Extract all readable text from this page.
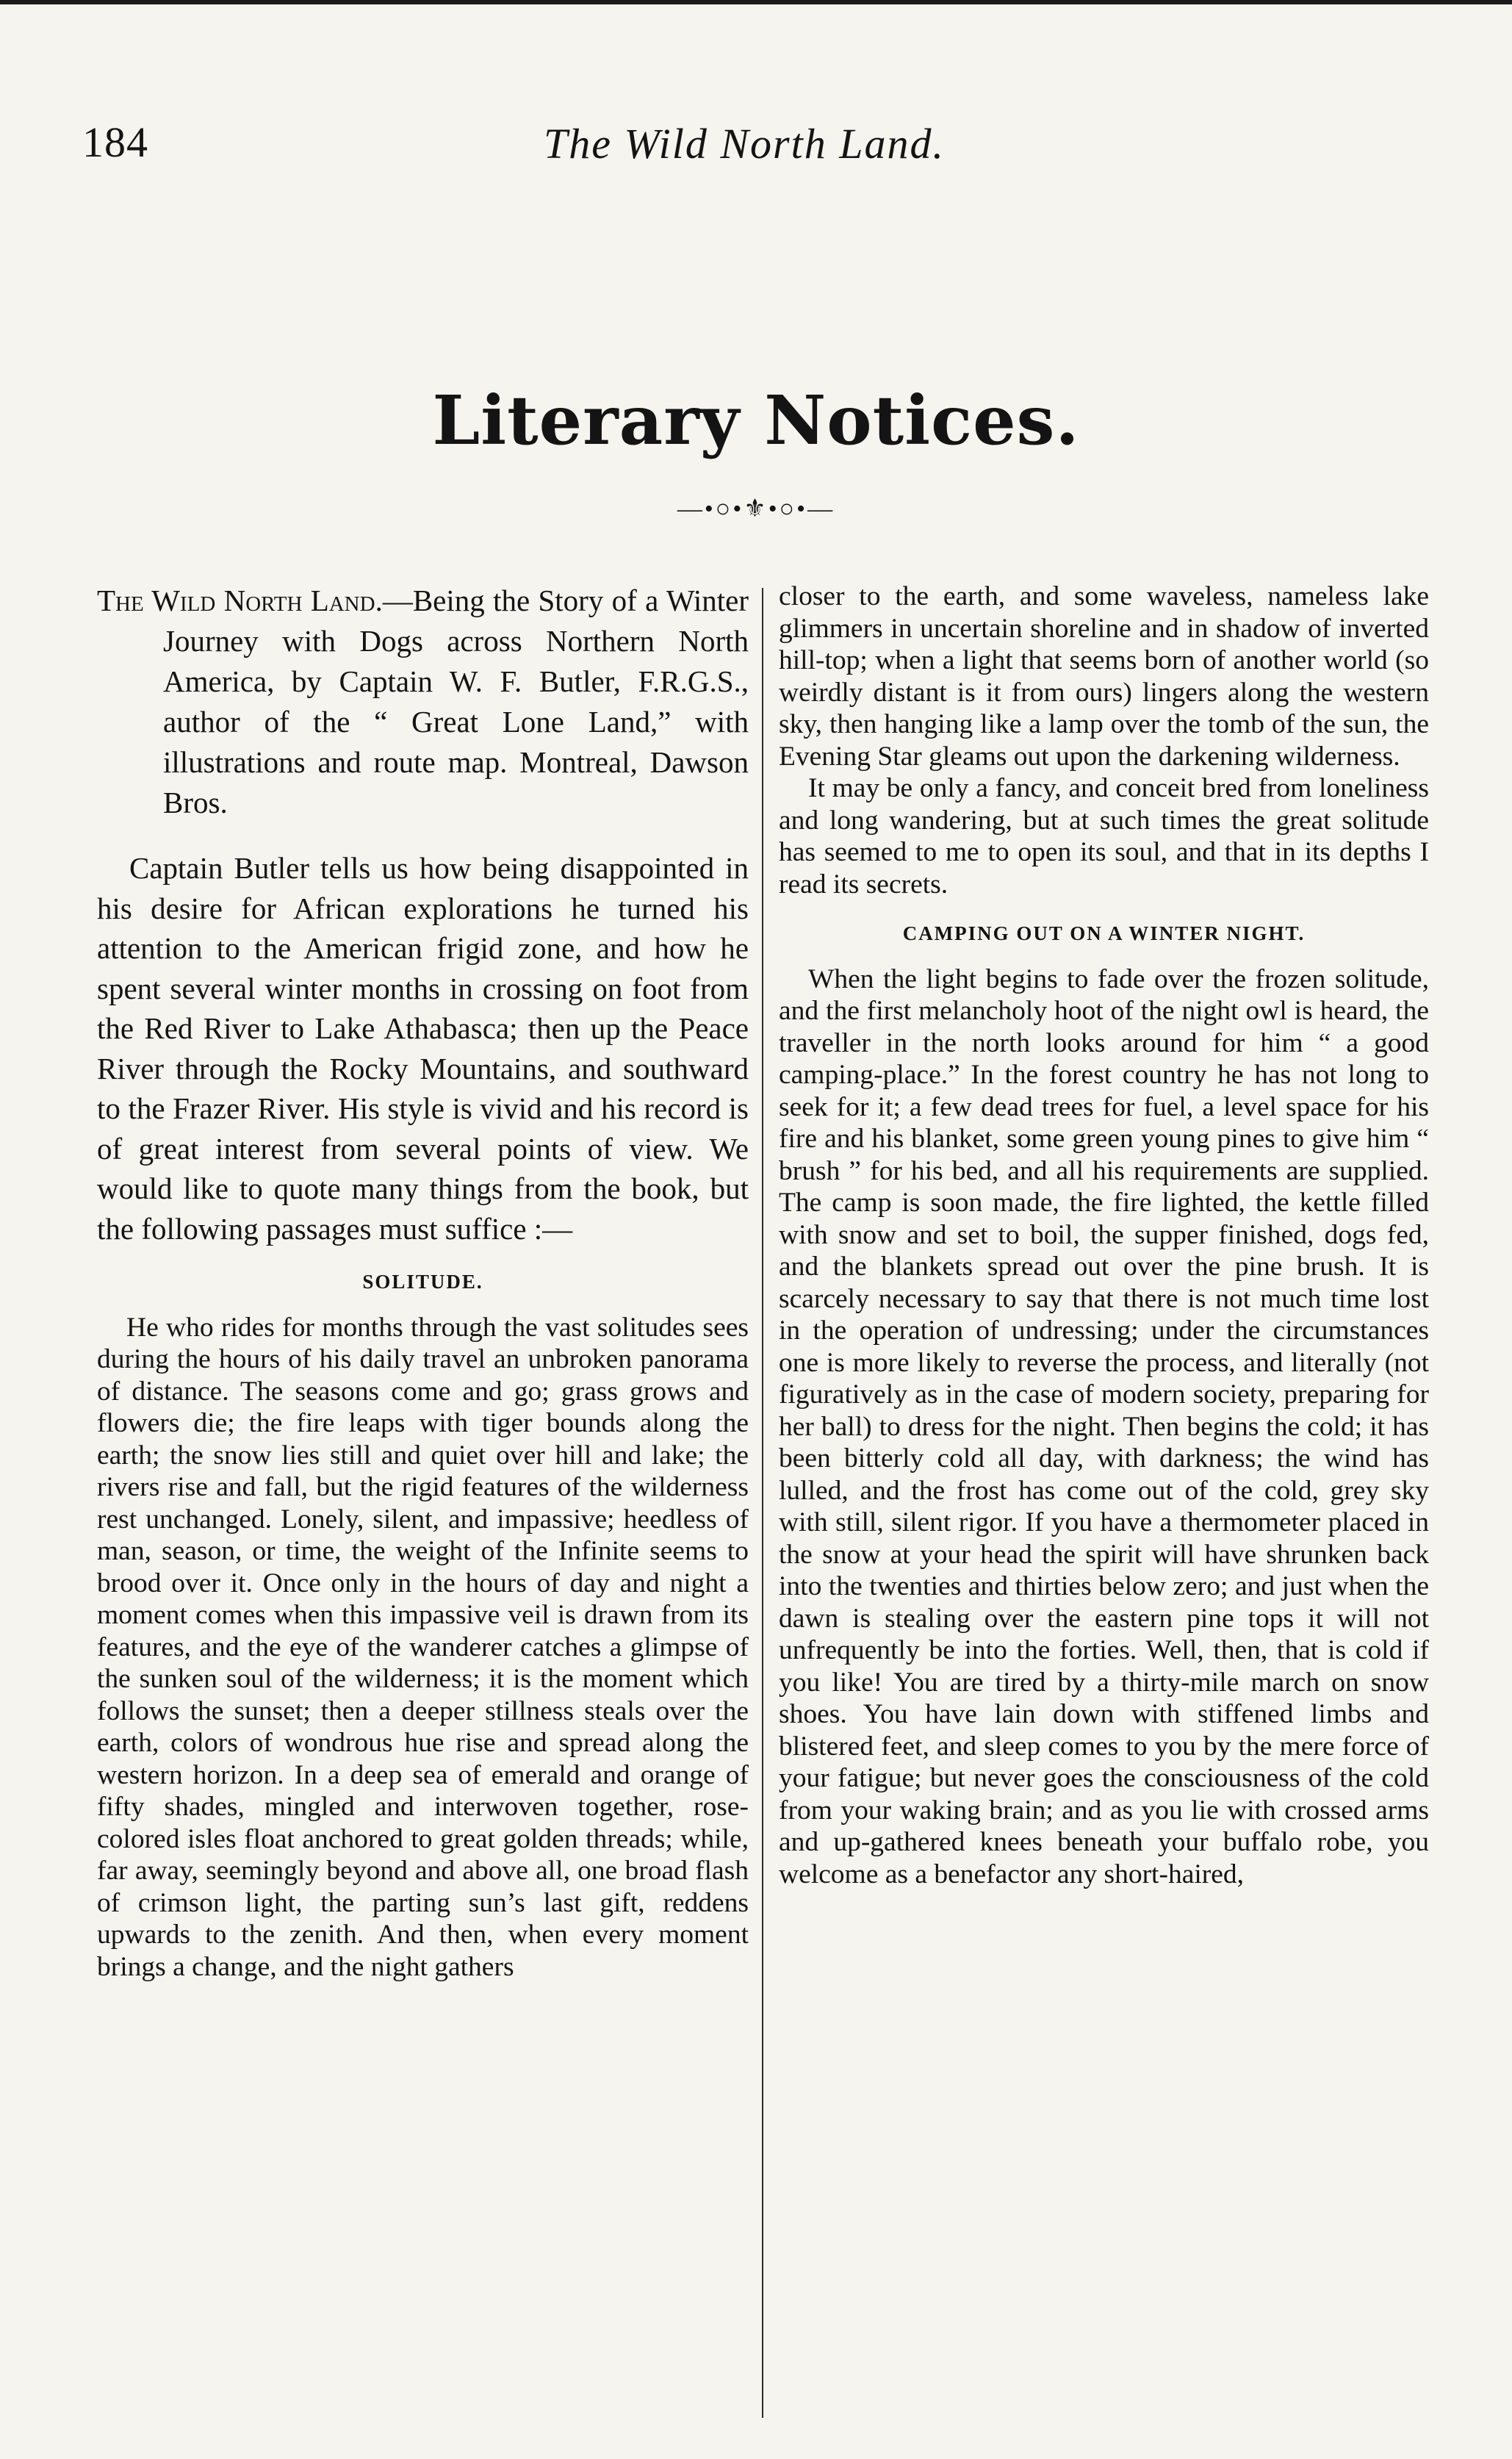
184	The Wild North Land.
Literary Notices.
—•○•⚜•○•—
The Wild North Land.—Being the Story of a Winter Journey with Dogs across Northern North America, by Captain W. F. Butler, F.R.G.S., author of the “ Great Lone Land,” with illustrations and route map. Montreal, Dawson Bros.

Captain Butler tells us how being disappointed in his desire for African explorations he turned his attention to the American frigid zone, and how he spent several winter months in crossing on foot from the Red River to Lake Athabasca; then up the Peace River through the Rocky Mountains, and southward to the Frazer River. His style is vivid and his record is of great interest from several points of view. We would like to quote many things from the book, but the following passages must suffice :—

SOLITUDE.

He who rides for months through the vast solitudes sees during the hours of his daily travel an unbroken panorama of distance. The seasons come and go; grass grows and flowers die; the fire leaps with tiger bounds along the earth; the snow lies still and quiet over hill and lake; the rivers rise and fall, but the rigid features of the wilderness rest unchanged. Lonely, silent, and impassive; heedless of man, season, or time, the weight of the Infinite seems to brood over it. Once only in the hours of day and night a moment comes when this impassive veil is drawn from its features, and the eye of the wanderer catches a glimpse of the sunken soul of the wilderness; it is the moment which follows the sunset; then a deeper stillness steals over the earth, colors of wondrous hue rise and spread along the western horizon. In a deep sea of emerald and orange of fifty shades, mingled and interwoven together, rose-colored isles float anchored to great golden threads; while, far away, seemingly beyond and above all, one broad flash of crimson light, the parting sun’s last gift, reddens upwards to the zenith. And then, when every moment brings a change, and the night gathers

closer to the earth, and some waveless, nameless lake glimmers in uncertain shoreline and in shadow of inverted hill-top; when a light that seems born of another world (so weirdly distant is it from ours) lingers along the western sky, then hanging like a lamp over the tomb of the sun, the Evening Star gleams out upon the darkening wilderness.

It may be only a fancy, and conceit bred from loneliness and long wandering, but at such times the great solitude has seemed to me to open its soul, and that in its depths I read its secrets.

CAMPING OUT ON A WINTER NIGHT.

When the light begins to fade over the frozen solitude, and the first melancholy hoot of the night owl is heard, the traveller in the north looks around for him “ a good camping-place.” In the forest country he has not long to seek for it; a few dead trees for fuel, a level space for his fire and his blanket, some green young pines to give him “ brush ” for his bed, and all his requirements are supplied. The camp is soon made, the fire lighted, the kettle filled with snow and set to boil, the supper finished, dogs fed, and the blankets spread out over the pine brush. It is scarcely necessary to say that there is not much time lost in the operation of undressing; under the circumstances one is more likely to reverse the process, and literally (not figuratively as in the case of modern society, preparing for her ball) to dress for the night. Then begins the cold; it has been bitterly cold all day, with darkness; the wind has lulled, and the frost has come out of the cold, grey sky with still, silent rigor. If you have a thermometer placed in the snow at your head the spirit will have shrunken back into the twenties and thirties below zero; and just when the dawn is stealing over the eastern pine tops it will not unfrequently be into the forties. Well, then, that is cold if you like! You are tired by a thirty-mile march on snow shoes. You have lain down with stiffened limbs and blistered feet, and sleep comes to you by the mere force of your fatigue; but never goes the consciousness of the cold from your waking brain; and as you lie with crossed arms and up-gathered knees beneath your buffalo robe, you welcome as a benefactor any short-haired,
